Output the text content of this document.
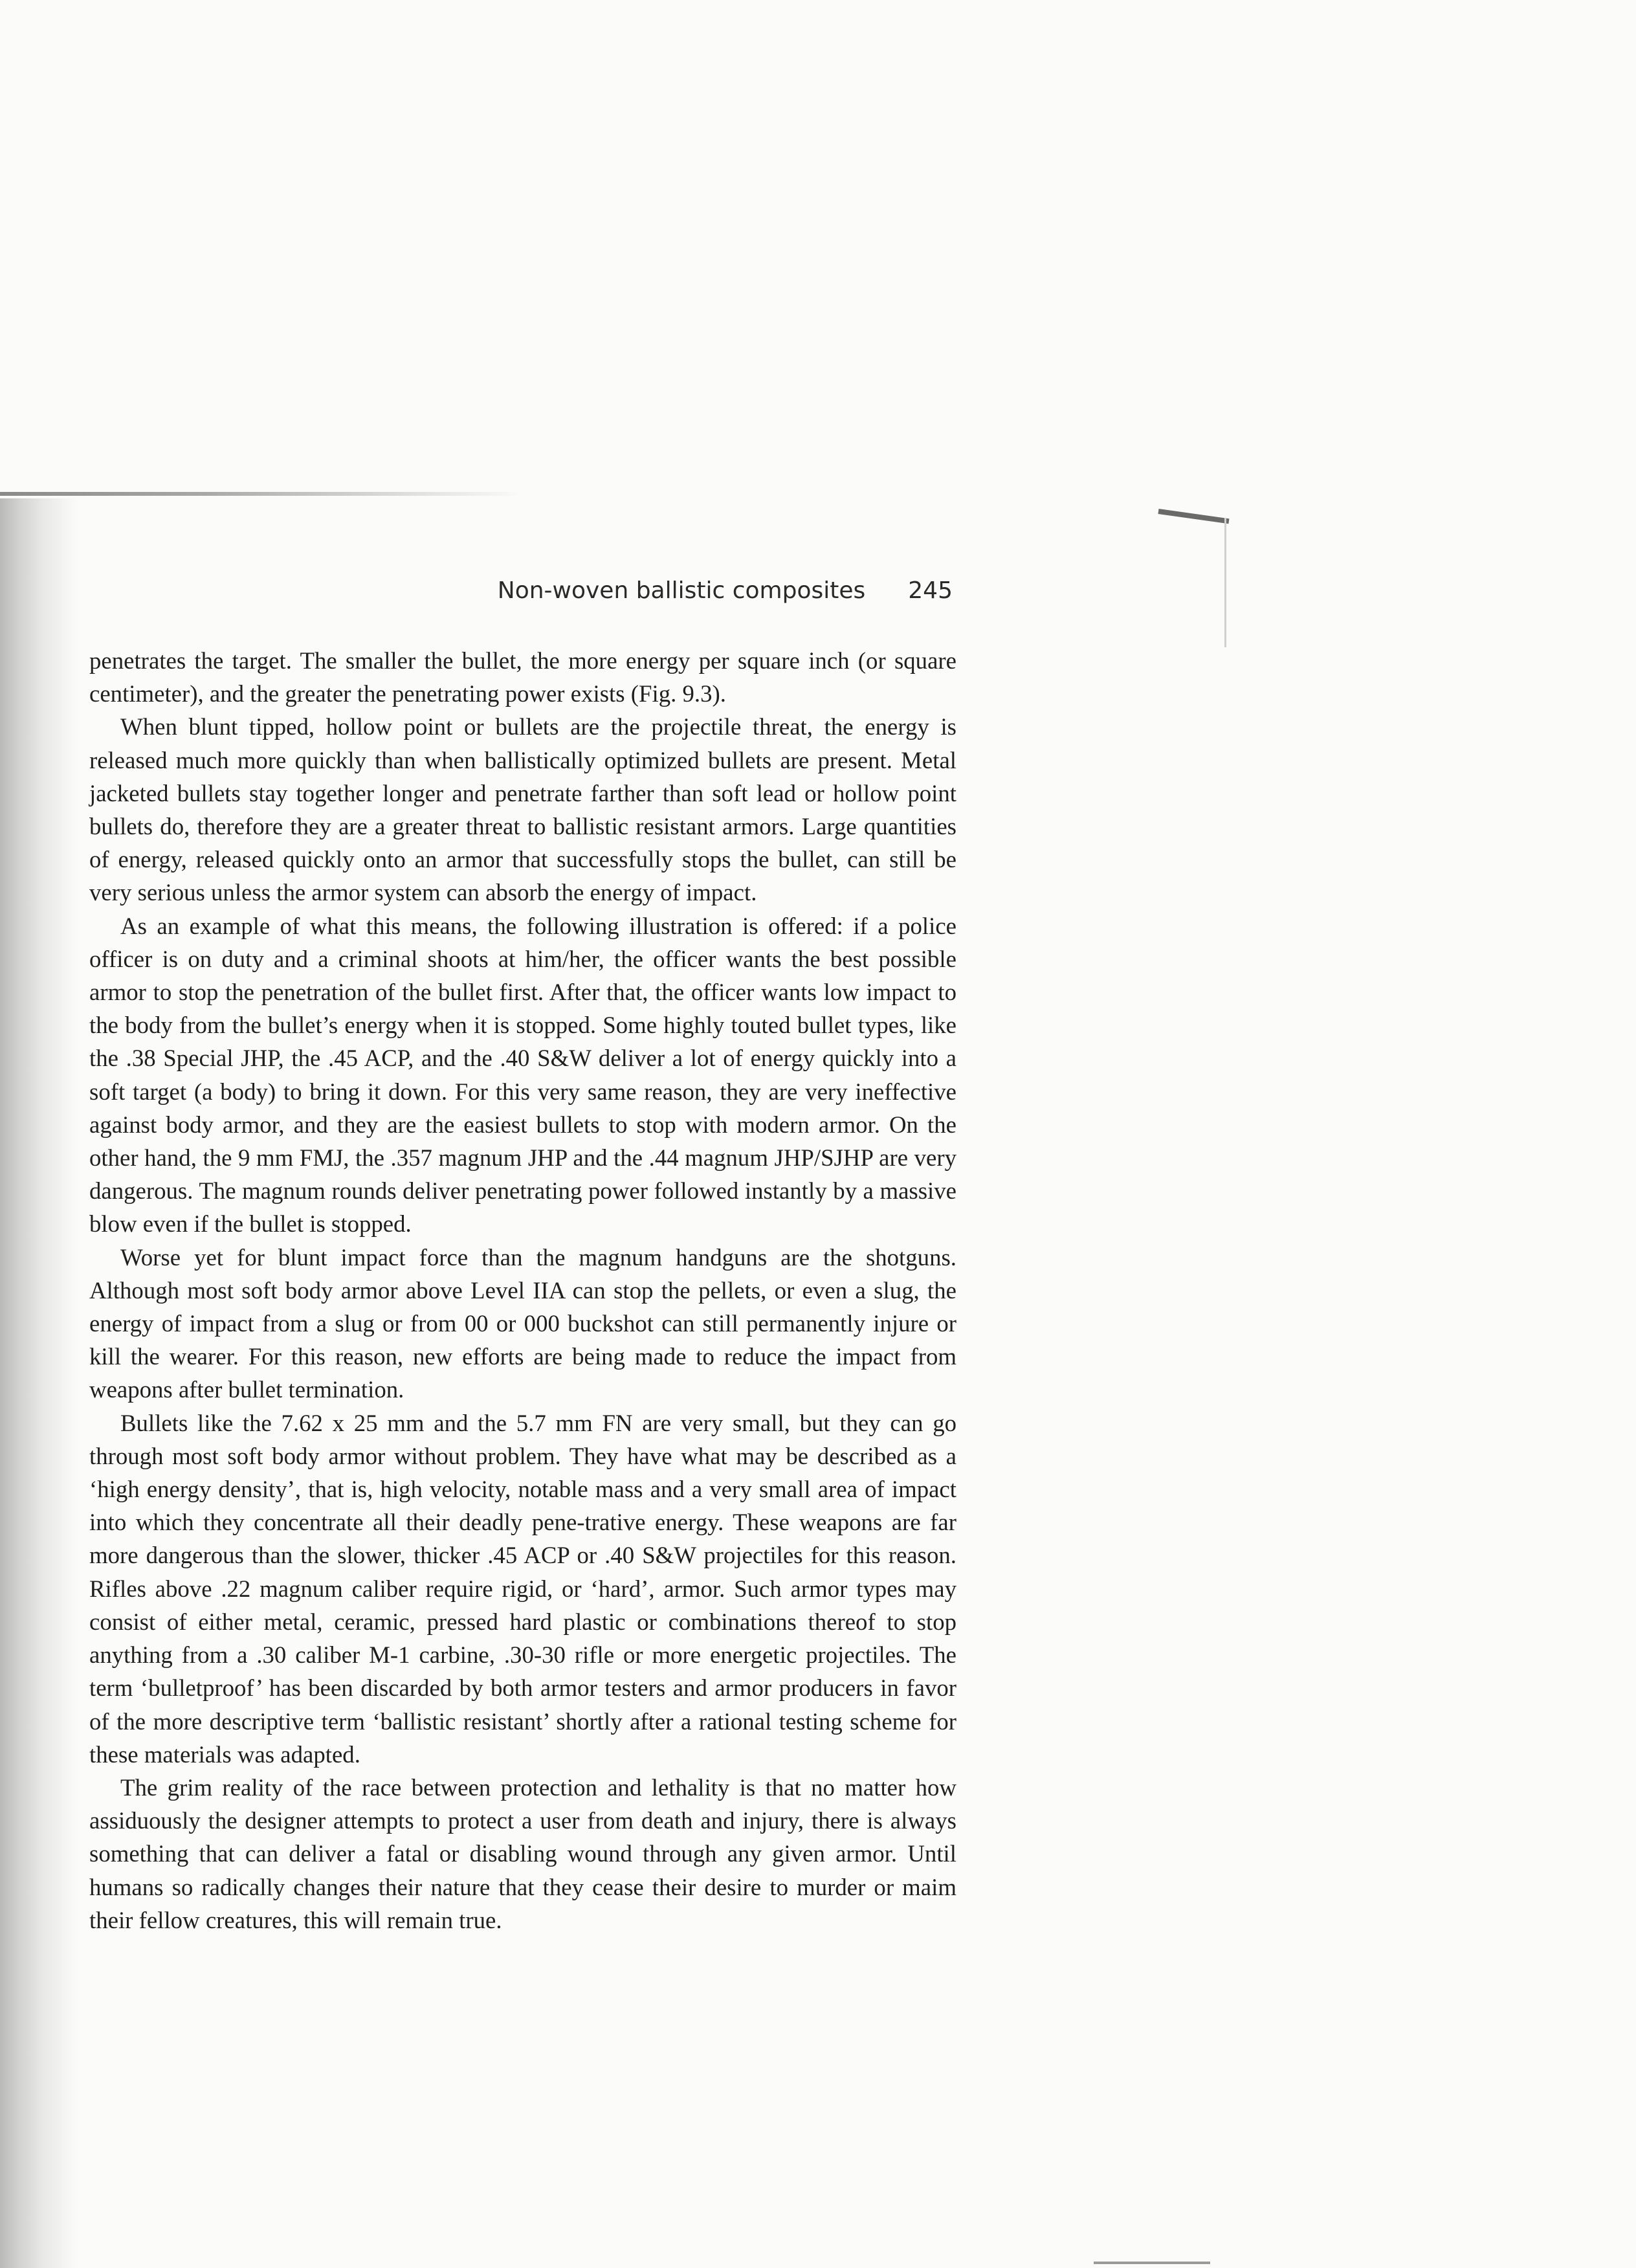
Non-woven ballistic composites 245

penetrates the target. The smaller the bullet, the more energy per square inch (or square centimeter), and the greater the penetrating power exists (Fig. 9.3).

When blunt tipped, hollow point or bullets are the projectile threat, the energy is released much more quickly than when ballistically optimized bullets are present. Metal jacketed bullets stay together longer and penetrate farther than soft lead or hollow point bullets do, therefore they are a greater threat to ballistic resistant armors. Large quantities of energy, released quickly onto an armor that successfully stops the bullet, can still be very serious unless the armor system can absorb the energy of impact.

As an example of what this means, the following illustration is offered: if a police officer is on duty and a criminal shoots at him/her, the officer wants the best possible armor to stop the penetration of the bullet first. After that, the officer wants low impact to the body from the bullet’s energy when it is stopped. Some highly touted bullet types, like the .38 Special JHP, the .45 ACP, and the .40 S&W deliver a lot of energy quickly into a soft target (a body) to bring it down. For this very same reason, they are very ineffective against body armor, and they are the easiest bullets to stop with modern armor. On the other hand, the 9 mm FMJ, the .357 magnum JHP and the .44 magnum JHP/SJHP are very dangerous. The magnum rounds deliver penetrating power followed instantly by a massive blow even if the bullet is stopped.

Worse yet for blunt impact force than the magnum handguns are the shotguns. Although most soft body armor above Level IIA can stop the pellets, or even a slug, the energy of impact from a slug or from 00 or 000 buckshot can still permanently injure or kill the wearer. For this reason, new efforts are being made to reduce the impact from weapons after bullet termination.

Bullets like the 7.62 x 25 mm and the 5.7 mm FN are very small, but they can go through most soft body armor without problem. They have what may be described as a ‘high energy density’, that is, high velocity, notable mass and a very small area of impact into which they concentrate all their deadly pene-trative energy. These weapons are far more dangerous than the slower, thicker .45 ACP or .40 S&W projectiles for this reason. Rifles above .22 magnum caliber require rigid, or ‘hard’, armor. Such armor types may consist of either metal, ceramic, pressed hard plastic or combinations thereof to stop anything from a .30 caliber M-1 carbine, .30-30 rifle or more energetic projectiles. The term ‘bulletproof’ has been discarded by both armor testers and armor producers in favor of the more descriptive term ‘ballistic resistant’ shortly after a rational testing scheme for these materials was adapted.

The grim reality of the race between protection and lethality is that no matter how assiduously the designer attempts to protect a user from death and injury, there is always something that can deliver a fatal or disabling wound through any given armor. Until humans so radically changes their nature that they cease their desire to murder or maim their fellow creatures, this will remain true.
